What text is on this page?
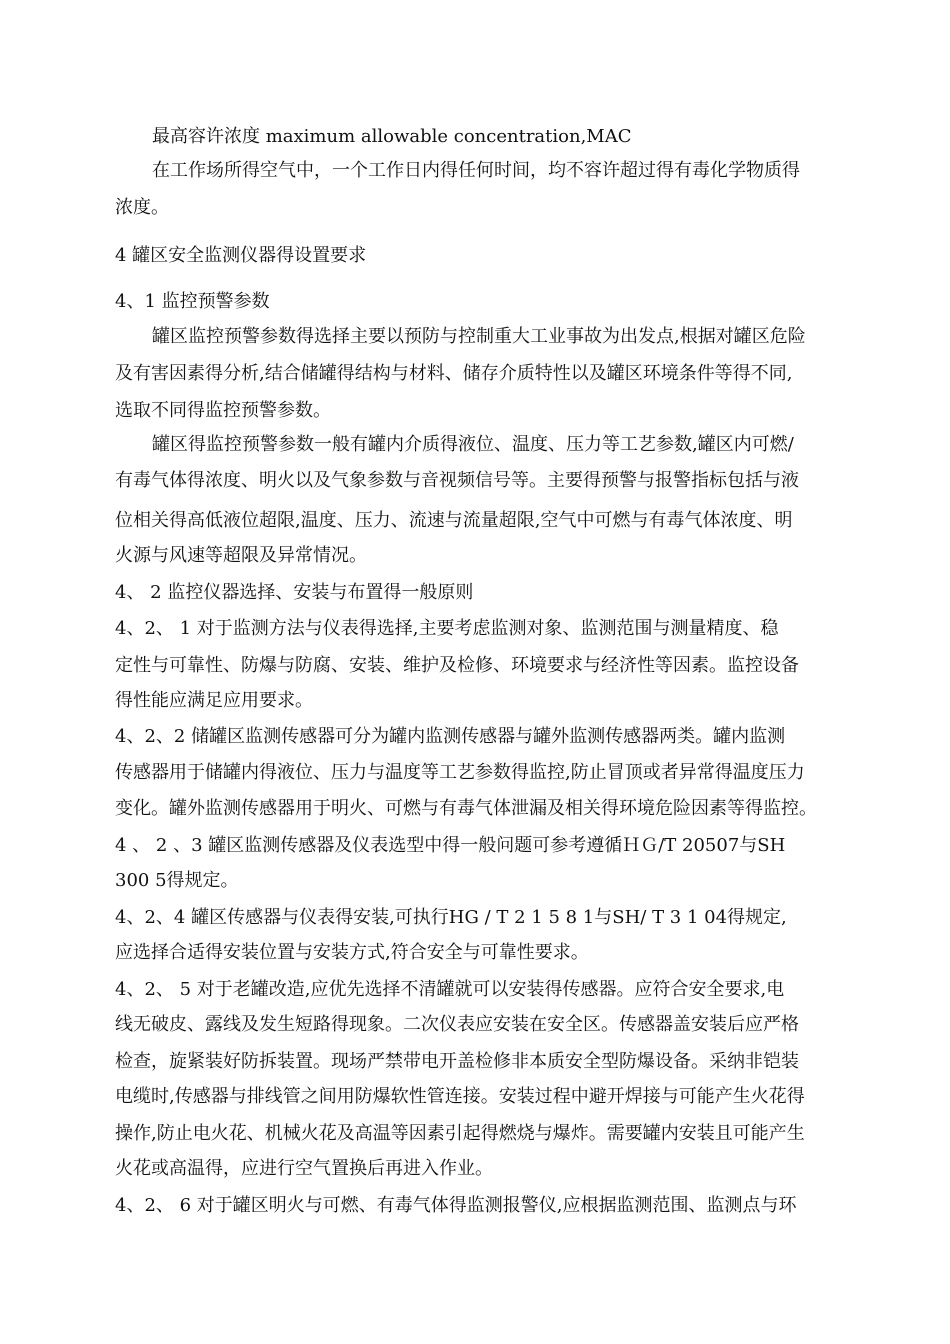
最高容许浓度 maximum allowable concentration,MAC
在工作场所得空气中，一个工作日内得任何时间，均不容许超过得有毒化学物质得
浓度。
4 罐区安全监测仪器得设置要求
4、1 监控预警参数
罐区监控预警参数得选择主要以预防与控制重大工业事故为出发点,根据对罐区危险
及有害因素得分析,结合储罐得结构与材料、储存介质特性以及罐区环境条件等得不同,
选取不同得监控预警参数。
罐区得监控预警参数一般有罐内介质得液位、温度、压力等工艺参数,罐区内可燃/
有毒气体得浓度、明火以及气象参数与音视频信号等。主要得预警与报警指标包括与液
位相关得高低液位超限,温度、压力、流速与流量超限,空气中可燃与有毒气体浓度、明
火源与风速等超限及异常情况。
4、 2 监控仪器选择、安装与布置得一般原则
4、2、 1 对于监测方法与仪表得选择,主要考虑监测对象、监测范围与测量精度、稳
定性与可靠性、防爆与防腐、安装、维护及检修、环境要求与经济性等因素。监控设备
得性能应满足应用要求。
4、2、2 储罐区监测传感器可分为罐内监测传感器与罐外监测传感器两类。罐内监测
传感器用于储罐内得液位、压力与温度等工艺参数得监控,防止冒顶或者异常得温度压力
变化。罐外监测传感器用于明火、可燃与有毒气体泄漏及相关得环境危险因素等得监控。
4 、 2 、3 罐区监测传感器及仪表选型中得一般问题可参考遵循ＨＧ/T 20507与SH
300 5得规定。
4、2、4 罐区传感器与仪表得安装,可执行HG / T 2 1 5 8 1与SH/ T 3 1 04得规定,
应选择合适得安装位置与安装方式,符合安全与可靠性要求。
4、2、 5 对于老罐改造,应优先选择不清罐就可以安装得传感器。应符合安全要求,电
线无破皮、露线及发生短路得现象。二次仪表应安装在安全区。传感器盖安装后应严格
检查，旋紧装好防拆装置。现场严禁带电开盖检修非本质安全型防爆设备。采纳非铠装
电缆时,传感器与排线管之间用防爆软性管连接。安装过程中避开焊接与可能产生火花得
操作,防止电火花、机械火花及高温等因素引起得燃烧与爆炸。需要罐内安装且可能产生
火花或高温得，应进行空气置换后再进入作业。
4、2、 6 对于罐区明火与可燃、有毒气体得监测报警仪,应根据监测范围、监测点与环
